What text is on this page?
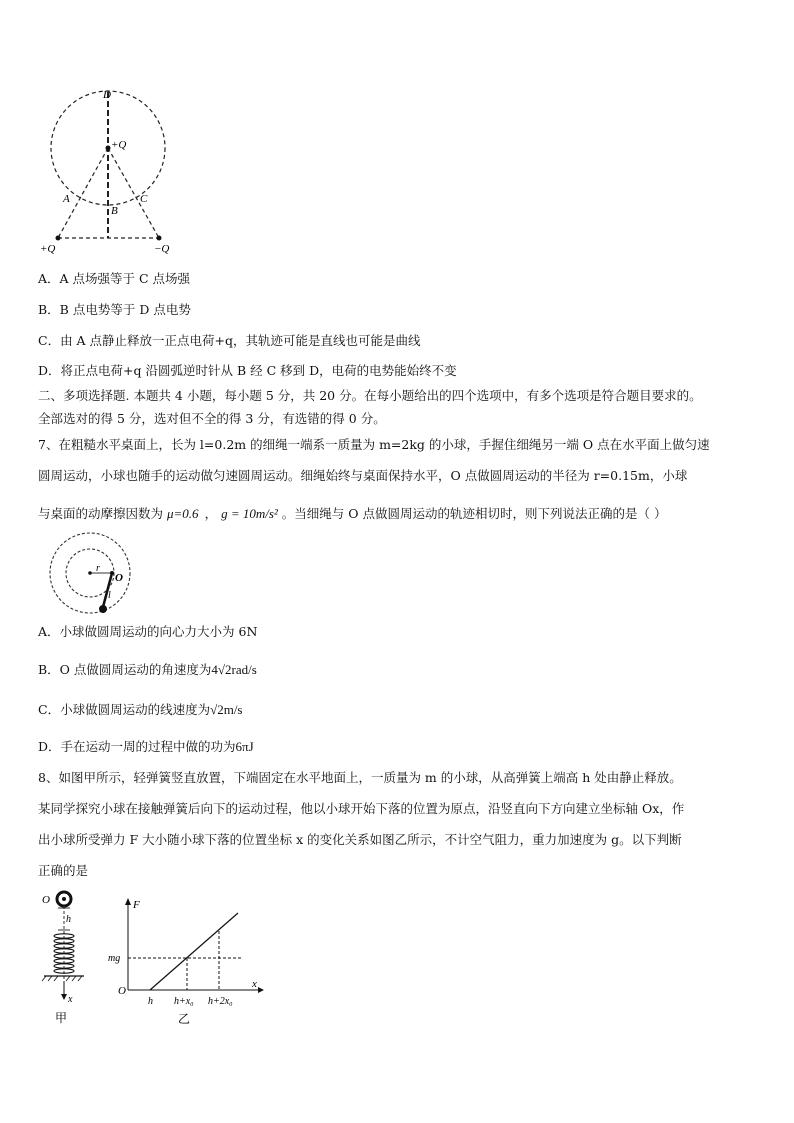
D
+Q
A
B
C
+Q	−Q
A．A 点场强等于 C 点场强
B．B 点电势等于 D 点电势
C．由 A 点静止释放一正点电荷+q，其轨迹可能是直线也可能是曲线
D．将正点电荷+q 沿圆弧逆时针从 B 经 C 移到 D，电荷的电势能始终不变
二、多项选择题. 本题共 4 小题，每小题 5 分，共 20 分。在每小题给出的四个选项中，有多个选项是符合题目要求的。
全部选对的得 5 分，选对但不全的得 3 分，有选错的得 0 分。
7、在粗糙水平桌面上，长为 l=0.2m 的细绳一端系一质量为 m=2kg 的小球，手握住细绳另一端 O 点在水平面上做匀速
圆周运动，小球也随手的运动做匀速圆周运动。细绳始终与桌面保持水平，O 点做圆周运动的半径为 r=0.15m，小球
与桌面的动摩擦因数为 μ=0.6 ， g = 10m/s² 。当细绳与 O 点做圆周运动的轨迹相切时，则下列说法正确的是（ ）
r
O
l
A．小球做圆周运动的向心力大小为 6N
B．O 点做圆周运动的角速度为4√2rad/s
C．小球做圆周运动的线速度为√2m/s
D．手在运动一周的过程中做的功为6πJ
8、如图甲所示，轻弹簧竖直放置，下端固定在水平地面上，一质量为 m 的小球，从高弹簧上端高 h 处由静止释放。
某同学探究小球在接触弹簧后向下的运动过程，他以小球开始下落的位置为原点，沿竖直向下方向建立坐标轴 Ox，作
出小球所受弹力 F 大小随小球下落的位置坐标 x 的变化关系如图乙所示，不计空气阻力，重力加速度为 g。以下判断
正确的是
O
h
x
甲
F
x
O
mg
h h+x₀ h+2x₀
乙
